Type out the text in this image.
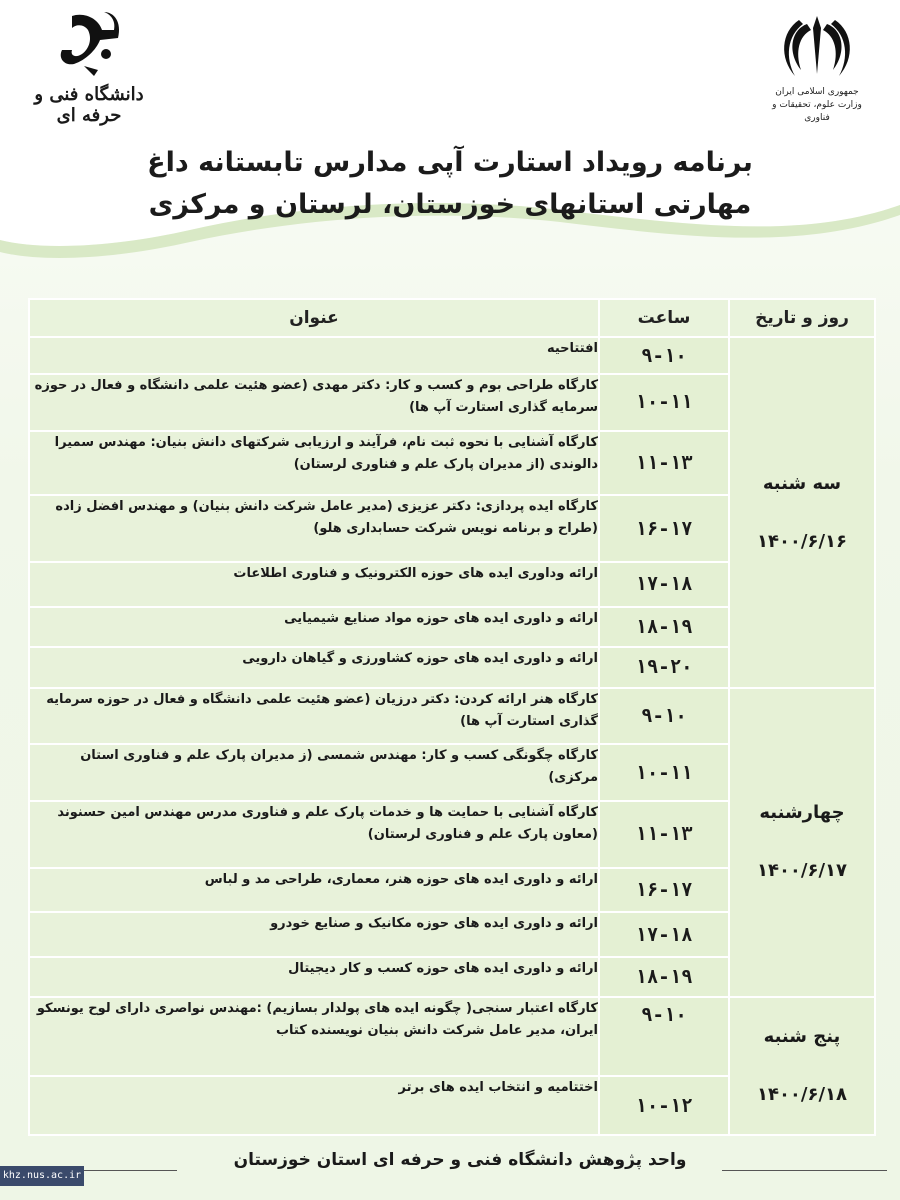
جمهوری اسلامی ایران
وزارت علوم، تحقیقات و فناوری
دانشگاه فنی و حرفه ای
برنامه رویداد استارت آپی مدارس تابستانه داغ
مهارتی استانهای خوزستان، لرستان و مرکزی
روز و تاریخ	ساعت	عنوان

سه شنبه
۱۴۰۰/۶/۱۶	۹-۱۰	افتتاحیه
	۱۰-۱۱	کارگاه طراحی بوم و کسب و کار: دکتر مهدی (عضو هئیت علمی دانشگاه و فعال در حوزه سرمایه گذاری استارت آپ ها)
	۱۱-۱۳	کارگاه آشنایی با نحوه ثبت نام، فرآیند و ارزیابی شرکتهای دانش بنیان: مهندس سمیرا دالوندی (از مدیران پارک علم و فناوری لرستان)
	۱۶-۱۷	کارگاه ایده پردازی: دکتر عزیزی (مدیر عامل شرکت دانش بنیان) و مهندس افضل زاده (طراح و برنامه نویس شرکت حسابداری هلو)
	۱۷-۱۸	ارائه وداوری ایده های حوزه الکترونیک و فناوری اطلاعات
	۱۸-۱۹	ارائه و داوری ایده های حوزه مواد صنایع شیمیایی
	۱۹-۲۰	ارائه و داوری ایده های حوزه کشاورزی و گیاهان دارویی

چهارشنبه
۱۴۰۰/۶/۱۷	۹-۱۰	کارگاه هنر ارائه کردن: دکتر درزیان (عضو هئیت علمی دانشگاه و فعال در حوزه سرمایه گذاری استارت آپ ها)
	۱۰-۱۱	کارگاه چگونگی کسب و کار: مهندس شمسی (ز مدیران پارک علم و فناوری استان مرکزی)
	۱۱-۱۳	کارگاه آشنایی با حمایت ها و خدمات پارک علم و فناوری مدرس مهندس امین حسنوند (معاون پارک علم و فناوری لرستان)
	۱۶-۱۷	ارائه و داوری ایده های حوزه هنر، معماری، طراحی مد و لباس
	۱۷-۱۸	ارائه و داوری ایده های حوزه مکانیک و صنایع خودرو
	۱۸-۱۹	ارائه و داوری ایده های حوزه کسب و کار دیجیتال

پنج شنبه
۱۴۰۰/۶/۱۸	۹-۱۰	کارگاه اعتبار سنجی( چگونه ایده های پولدار بسازیم) :مهندس نواصری دارای لوح یونسکو ایران، مدیر عامل شرکت دانش بنیان نویسنده کتاب
	۱۰-۱۲	اختتامیه و انتخاب ایده های برتر
واحد پژوهش دانشگاه فنی و حرفه ای استان خوزستان
khz.nus.ac.ir
